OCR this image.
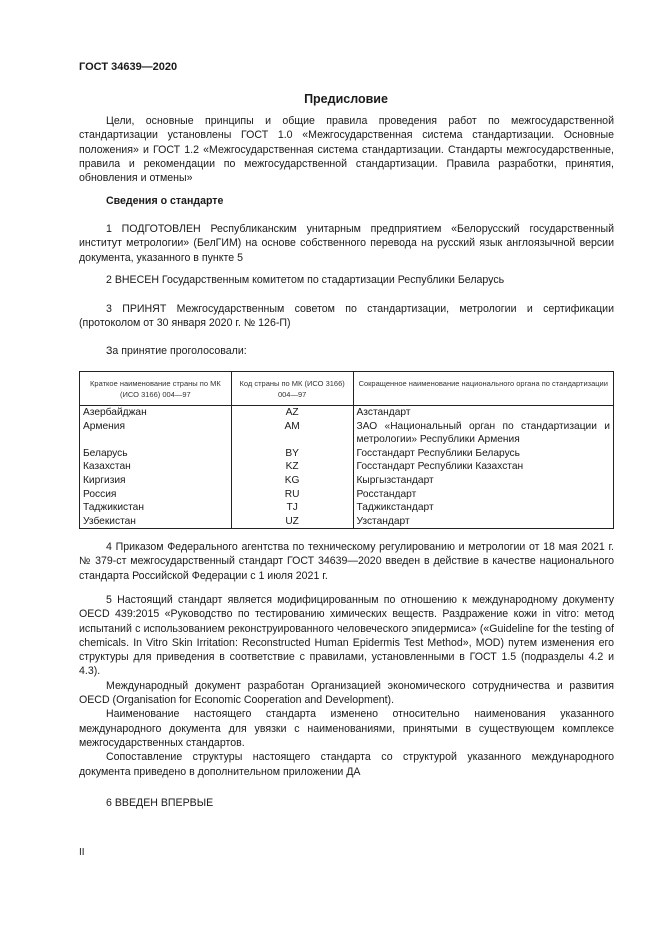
ГОСТ 34639—2020
Предисловие

Цели, основные принципы и общие правила проведения работ по межгосударственной стандартизации установлены ГОСТ 1.0 «Межгосударственная система стандартизации. Основные положения» и ГОСТ 1.2 «Межгосударственная система стандартизации. Стандарты межгосударственные, правила и рекомендации по межгосударственной стандартизации. Правила разработки, принятия, обновления и отмены»

Сведения о стандарте

1 ПОДГОТОВЛЕН Республиканским унитарным предприятием «Белорусский государственный институт метрологии» (БелГИМ) на основе собственного перевода на русский язык англоязычной версии документа, указанного в пункте 5

2 ВНЕСЕН Государственным комитетом по стадартизации Республики Беларусь

3 ПРИНЯТ Межгосударственным советом по стандартизации, метрологии и сертификации (протоколом от 30 января 2020 г. № 126-П)

За принятие проголосовали:
Краткое наименование страны по МК (ИСО 3166) 004—97	Код страны по МК (ИСО 3166) 004—97	Сокращенное наименование национального органа по стандартизации
Азербайджан	AZ	Азстандарт
Армения	AM	ЗАО «Национальный орган по стандартизации и метрологии» Республики Армения
Беларусь	BY	Госстандарт Республики Беларусь
Казахстан	KZ	Госстандарт Республики Казахстан
Киргизия	KG	Кыргызстандарт
Россия	RU	Росстандарт
Таджикистан	TJ	Таджикстандарт
Узбекистан	UZ	Узстандарт

4 Приказом Федерального агентства по техническому регулированию и метрологии от 18 мая 2021 г. № 379-ст межгосударственный стандарт ГОСТ 34639—2020 введен в действие в качестве национального стандарта Российской Федерации с 1 июля 2021 г.

5 Настоящий стандарт является модифицированным по отношению к международному документу OECD 439:2015 «Руководство по тестированию химических веществ. Раздражение кожи in vitro: метод испытаний с использованием реконструированного человеческого эпидермиса» («Guideline for the testing of chemicals. In Vitro Skin Irritation: Reconstructed Human Epidermis Test Method», MOD) путем изменения его структуры для приведения в соответствие с правилами, установленными в ГОСТ 1.5 (подразделы 4.2 и 4.3).

Международный документ разработан Организацией экономического сотрудничества и развития OECD (Organisation for Economic Cooperation and Development).

Наименование настоящего стандарта изменено относительно наименования указанного международного документа для увязки с наименованиями, принятыми в существующем комплексе межгосударственных стандартов.

Сопоставление структуры настоящего стандарта со структурой указанного международного документа приведено в дополнительном приложении ДА

6 ВВЕДЕН ВПЕРВЫЕ
II
